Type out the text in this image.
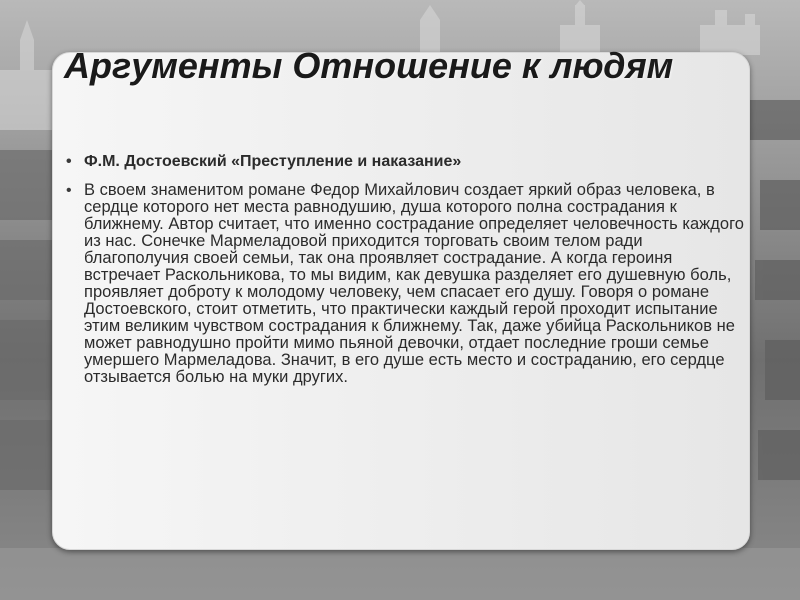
Аргументы Отношение к людям
• Ф.М. Достоевский «Преступление и наказание»
• В своем знаменитом романе Федор Михайлович создает яркий образ человека, в сердце которого нет места равнодушию, душа которого полна сострадания к ближнему. Автор считает, что именно сострадание определяет человечность каждого из нас. Сонечке Мармеладовой приходится торговать своим телом ради благополучия своей семьи, так она проявляет сострадание. А когда героиня встречает Раскольникова, то мы видим, как девушка разделяет его душевную боль, проявляет доброту к молодому человеку, чем спасает его душу. Говоря о романе Достоевского, стоит отметить, что практически каждый герой проходит испытание этим великим чувством сострадания к ближнему. Так, даже убийца Раскольников не может равнодушно пройти мимо пьяной девочки, отдает последние гроши семье умершего Мармеладова. Значит, в его душе есть место и состраданию, его сердце отзывается болью на муки других.
